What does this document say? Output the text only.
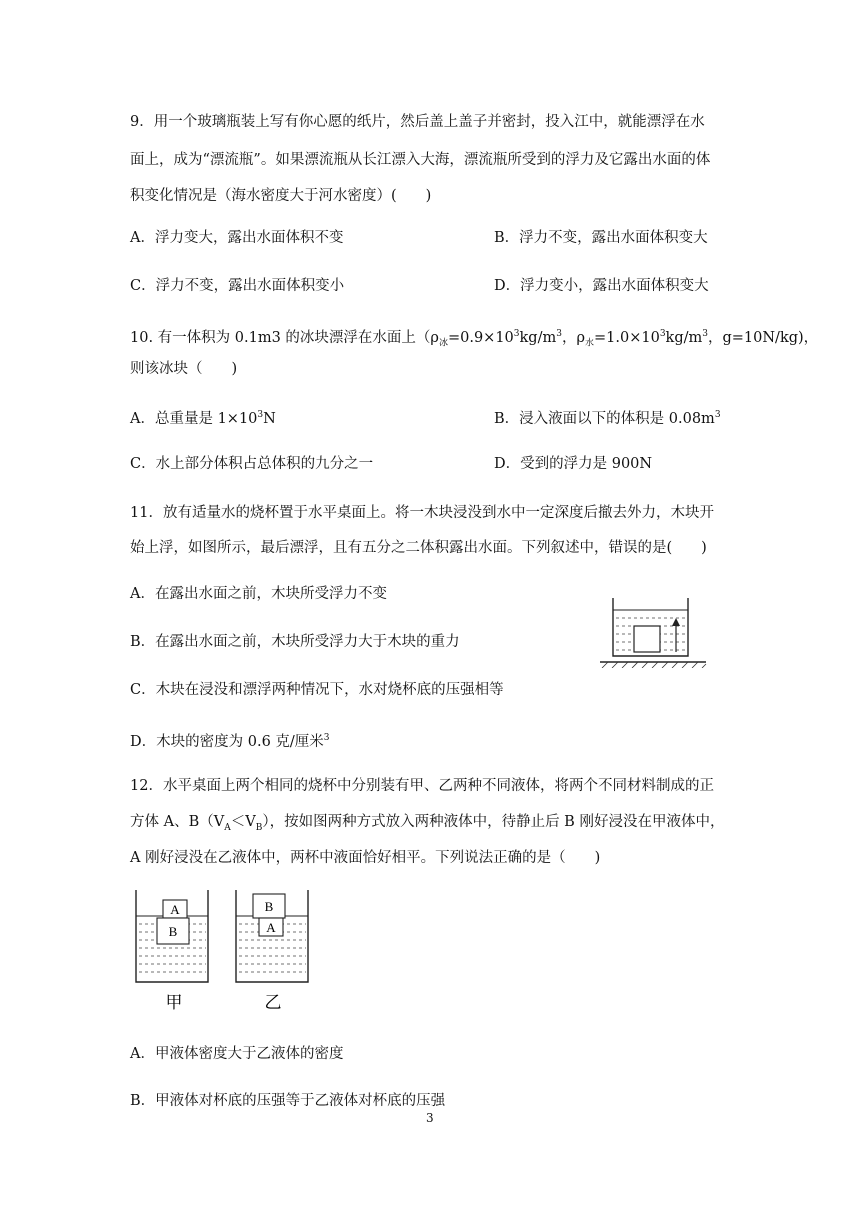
9．用一个玻璃瓶装上写有你心愿的纸片，然后盖上盖子并密封，投入江中，就能漂浮在水
面上，成为“漂流瓶”。如果漂流瓶从长江漂入大海，漂流瓶所受到的浮力及它露出水面的体
积变化情况是（海水密度大于河水密度）(　　)
A．浮力变大，露出水面体积不变	B．浮力不变，露出水面体积变大
C．浮力不变，露出水面体积变小	D．浮力变小，露出水面体积变大
10. 有一体积为 0.1m3 的冰块漂浮在水面上（$\rho_冰=0.9\times 10^3kg/m^3$，$\rho_水=1.0\times 10^3kg/m^3$，g=10N/kg)，
则该冰块（　　)
A．总重量是 $1\times 10^3N$	B．浸入液面以下的体积是 $0.08m^3$
C．水上部分体积占总体积的九分之一	D．受到的浮力是 900N
11．放有适量水的烧杯置于水平桌面上。将一木块浸没到水中一定深度后撤去外力，木块开
始上浮，如图所示，最后漂浮，且有五分之二体积露出水面。下列叙述中，错误的是(　　)
A．在露出水面之前，木块所受浮力不变
B．在露出水面之前，木块所受浮力大于木块的重力
C．木块在浸没和漂浮两种情况下，水对烧杯底的压强相等
D．木块的密度为 0.6 克/厘米$^3$
12．水平桌面上两个相同的烧杯中分别装有甲、乙两种不同液体，将两个不同材料制成的正
方体 A、$B(V_A<V_B)$，按如图两种方式放入两种液体中，待静止后 B 刚好浸没在甲液体中，
A 刚好浸没在乙液体中，两杯中液面恰好相平。下列说法正确的是（　　)
A
B
B
A
甲	乙
A．甲液体密度大于乙液体的密度
B．甲液体对杯底的压强等于乙液体对杯底的压强
3
